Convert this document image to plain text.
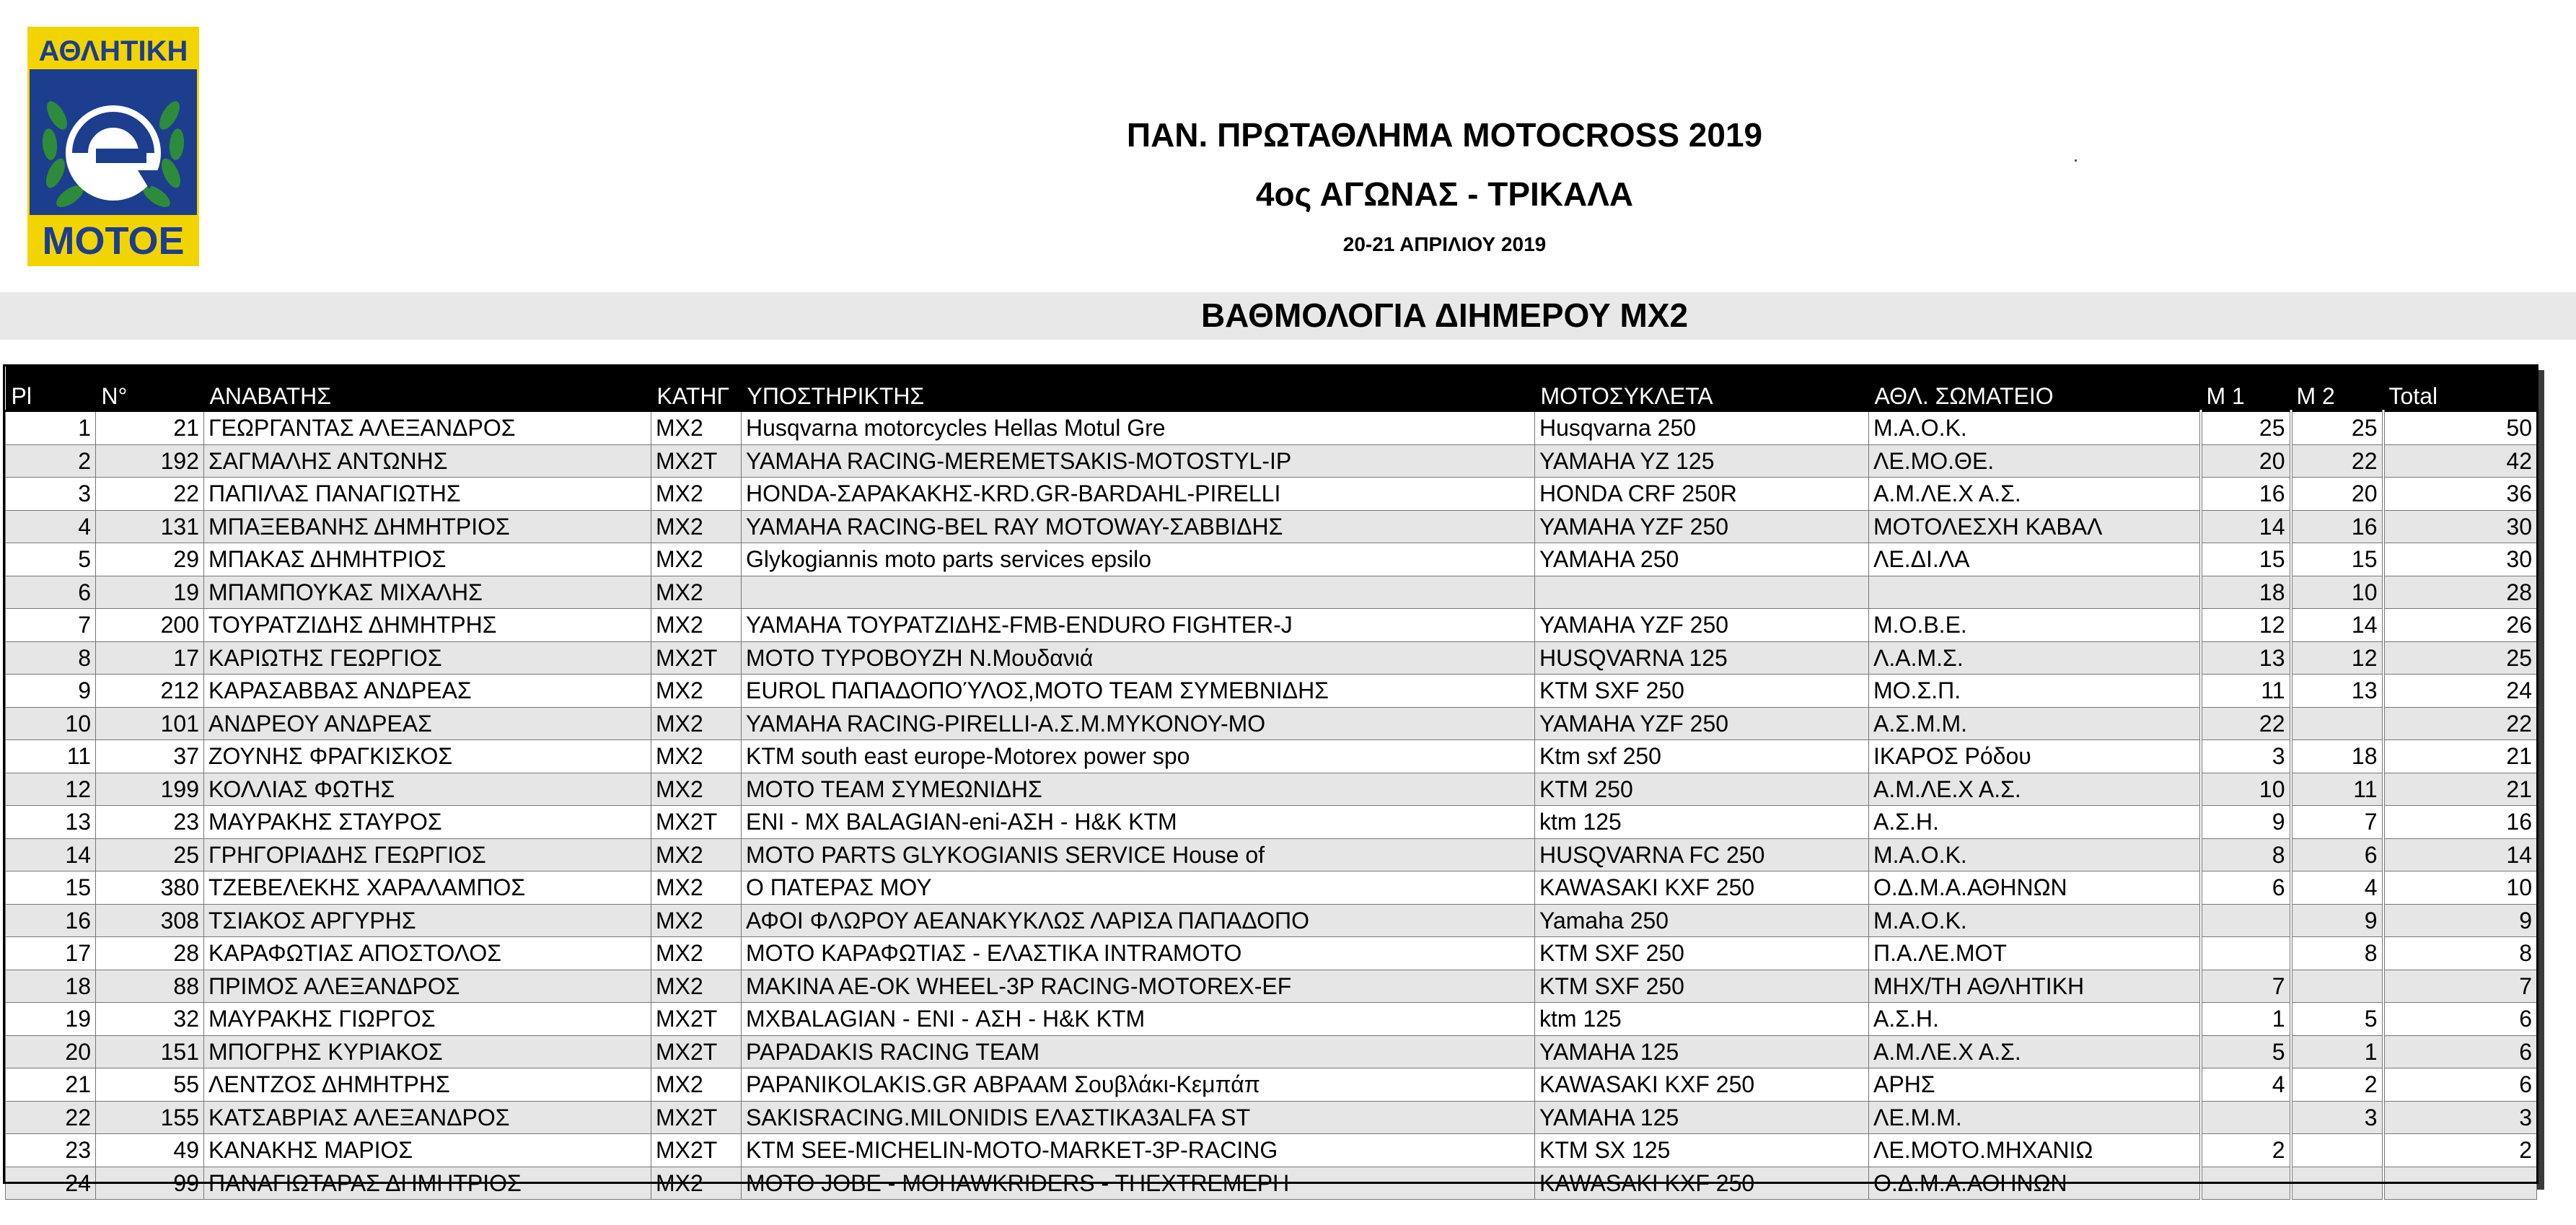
ΑΘΛΗΤΙΚΗ
ΜΟΤΟΕ
ΠΑΝ. ΠΡΩΤΑΘΛΗΜΑ MOTOCROSS 2019
4ος ΑΓΩΝΑΣ - ΤΡΙΚΑΛΑ
20-21 ΑΠΡΙΛΙΟΥ 2019
ΒΑΘΜΟΛΟΓΙΑ ΔΙΗΜΕΡΟΥ MX2
Pl	N°	ΑΝΑΒΑΤΗΣ	ΚΑΤΗΓ	ΥΠΟΣΤΗΡΙΚΤΗΣ	ΜΟΤΟΣΥΚΛΕΤΑ	ΑΘΛ. ΣΩΜΑΤΕΙΟ	M 1	M 2	Total
1	21	ΓΕΩΡΓΑΝΤΑΣ ΑΛΕΞΑΝΔΡΟΣ	MX2	Husqvarna motorcycles Hellas Motul Gre	Husqvarna 250	Μ.Α.Ο.Κ.	25	25	50
2	192	ΣΑΓΜΑΛΗΣ ΑΝΤΩΝΗΣ	MX2T	YAMAHA RACING-MEREMETSAKIS-MOTOSTYL-IP	YAMAHA YZ 125	ΛΕ.ΜΟ.ΘΕ.	20	22	42
3	22	ΠΑΠΙΛΑΣ ΠΑΝΑΓΙΩΤΗΣ	MX2	HONDA-ΣΑΡΑΚΑΚΗΣ-KRD.GR-BARDAHL-PIRELLI	HONDA CRF 250R	Α.Μ.ΛΕ.Χ Α.Σ.	16	20	36
4	131	ΜΠΑΞΕΒΑΝΗΣ ΔΗΜΗΤΡΙΟΣ	MX2	YAMAHA RACING-BEL RAY MOTOWAY-ΣΑΒΒΙΔΗΣ	YAMAHA YZF 250	ΜΟΤΟΛΕΣΧΗ ΚΑΒΑΛ	14	16	30
5	29	ΜΠΑΚΑΣ ΔΗΜΗΤΡΙΟΣ	MX2	Glykogiannis moto parts services epsilo	YAMAHA 250	ΛΕ.ΔΙ.ΛΑ	15	15	30
6	19	ΜΠΑΜΠΟΥΚΑΣ ΜΙΧΑΛΗΣ	MX2				18	10	28
7	200	ΤΟΥΡΑΤΖΙΔΗΣ ΔΗΜΗΤΡΗΣ	MX2	YAMAHA ΤΟΥΡΑΤΖΙΔΗΣ-FMB-ENDURO FIGHTER-J	YAMAHA YZF 250	Μ.Ο.Β.Ε.	12	14	26
8	17	ΚΑΡΙΩΤΗΣ ΓΕΩΡΓΙΟΣ	MX2T	MOTO ΤΥΡΟΒΟΥΖΗ Ν.Μουδανιά	HUSQVARNA 125	Λ.Α.Μ.Σ.	13	12	25
9	212	ΚΑΡΑΣΑΒΒΑΣ ΑΝΔΡΕΑΣ	MX2	EUROL ΠΑΠΑΔΟΠΟΎΛΟΣ,MOTO TEAM ΣΥΜΕΒΝΙΔΗΣ	KTM SXF 250	ΜΟ.Σ.Π.	11	13	24
10	101	ΑΝΔΡΕΟΥ ΑΝΔΡΕΑΣ	MX2	YAMAHA RACING-PIRELLI-Α.Σ.Μ.ΜΥΚΟΝΟΥ-ΜΟ	YAMAHA YZF 250	Α.Σ.Μ.Μ.	22		22
11	37	ΖΟΥΝΗΣ ΦΡΑΓΚΙΣΚΟΣ	MX2	KTM south east europe-Motorex power spo	Ktm sxf 250	ΙΚΑΡΟΣ Ρόδου	3	18	21
12	199	ΚΟΛΛΙΑΣ ΦΩΤΗΣ	MX2	MOTO TEAM ΣΥΜΕΩΝΙΔΗΣ	KTM 250	Α.Μ.ΛΕ.Χ Α.Σ.	10	11	21
13	23	ΜΑΥΡΑΚΗΣ ΣΤΑΥΡΟΣ	MX2T	ENI - MX BALAGIAN-eni-ΑΣΗ - H&K KTM	ktm 125	Α.Σ.Η.	9	7	16
14	25	ΓΡΗΓΟΡΙΑΔΗΣ ΓΕΩΡΓΙΟΣ	MX2	MOTO PARTS GLYKOGIANIS SERVICE House of	HUSQVARNA FC 250	Μ.Α.Ο.Κ.	8	6	14
15	380	ΤΖΕΒΕΛΕΚΗΣ ΧΑΡΑΛΑΜΠΟΣ	MX2	Ο ΠΑΤΕΡΑΣ ΜΟΥ	KAWASAKI KXF 250	Ο.Δ.Μ.Α.ΑΘΗΝΩΝ	6	4	10
16	308	ΤΣΙΑΚΟΣ ΑΡΓΥΡΗΣ	MX2	ΑΦΟΙ ΦΛΩΡΟΥ ΑΕΑΝΑΚΥΚΛΩΣ ΛΑΡΙΣΑ ΠΑΠΑΔΟΠΟ	Yamaha 250	Μ.Α.Ο.Κ.		9	9
17	28	ΚΑΡΑΦΩΤΙΑΣ ΑΠΟΣΤΟΛΟΣ	MX2	MOTO ΚΑΡΑΦΩΤΙΑΣ - ΕΛΑΣΤΙΚΑ INTRAMOTO	KTM SXF 250	Π.Α.ΛΕ.ΜΟΤ		8	8
18	88	ΠΡΙΜΟΣ ΑΛΕΞΑΝΔΡΟΣ	MX2	MAKINA AE-OK WHEEL-3P RACING-MOTOREX-EF	KTM SXF 250	ΜΗΧ/ΤΗ ΑΘΛΗΤΙΚΗ	7		7
19	32	ΜΑΥΡΑΚΗΣ ΓΙΩΡΓΟΣ	MX2T	MXBALAGIAN - ENI - ΑΣΗ - H&K KTM	ktm 125	Α.Σ.Η.	1	5	6
20	151	ΜΠΟΓΡΗΣ ΚΥΡΙΑΚΟΣ	MX2T	PAPADAKIS RACING TEAM	YAMAHA 125	Α.Μ.ΛΕ.Χ Α.Σ.	5	1	6
21	55	ΛΕΝΤΖΟΣ ΔΗΜΗΤΡΗΣ	MX2	PAPANIKOLAKIS.GR ΑΒΡΑΑΜ Σουβλάκι-Κεμπάπ	KAWASAKI KXF 250	ΑΡΗΣ	4	2	6
22	155	ΚΑΤΣΑΒΡΙΑΣ ΑΛΕΞΑΝΔΡΟΣ	MX2T	SAKISRACING.MILONIDIS ΕΛΑΣΤΙΚΑ3ALFA ST	YAMAHA 125	ΛΕ.Μ.Μ.		3	3
23	49	ΚΑΝΑΚΗΣ ΜΑΡΙΟΣ	MX2T	KTM SEE-MICHELIN-MOTO-MARKET-3P-RACING	KTM SX 125	ΛΕ.ΜΟΤΟ.ΜΗΧΑΝΙΩ	2		2
24	99	ΠΑΝΑΓΙΩΤΑΡΑΣ ΔΗΜΗΤΡΙΟΣ	MX2	MOTO JOBE - MOHAWKRIDERS - THEXTREMEPH	KAWASAKI KXF 250	Ο.Δ.Μ.Α.ΑΘΗΝΩΝ			
